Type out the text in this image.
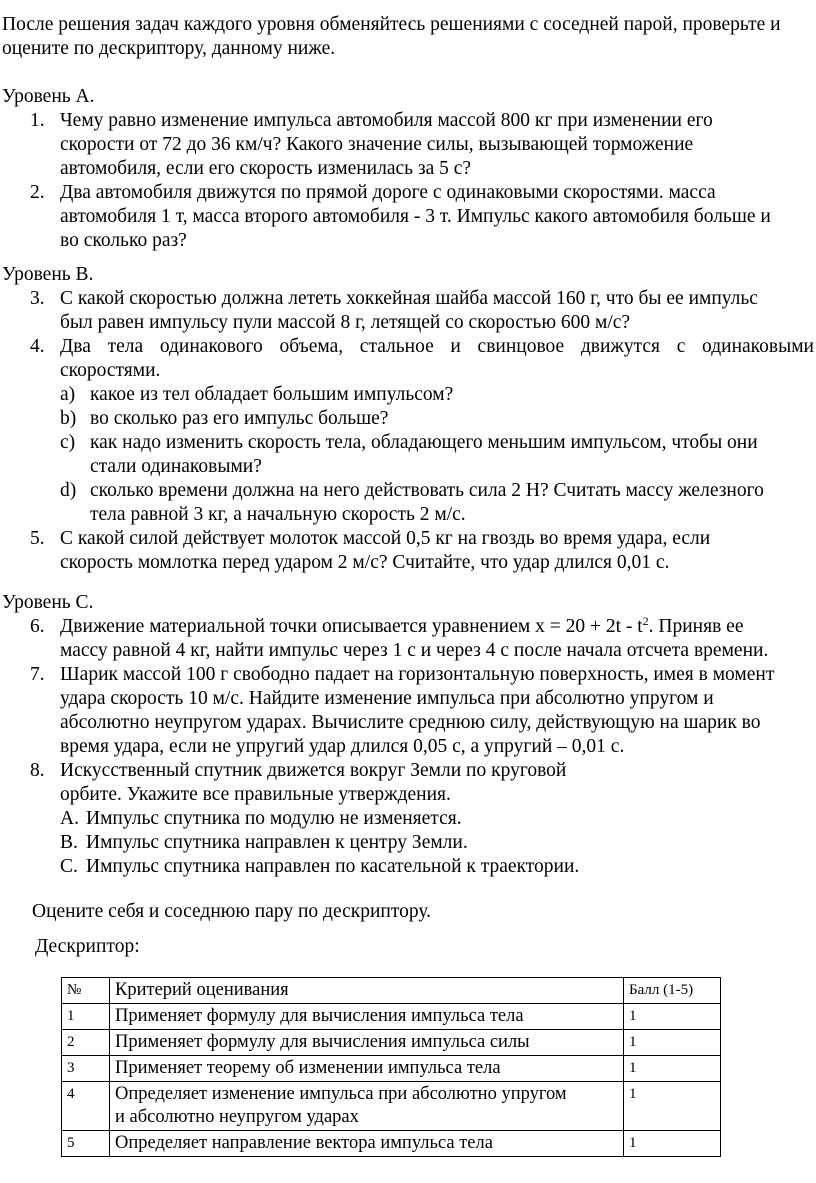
После решения задач каждого уровня обменяйтесь решениями с соседней парой, проверьте и
оцените по дескриптору, данному ниже.
Уровень А.
1. Чему равно изменение импульса автомобиля массой 800 кг при изменении его
скорости от 72 до 36 км/ч? Какого значение силы, вызывающей торможение
автомобиля, если его скорость изменилась за 5 с?
2. Два автомобиля движутся по прямой дороге с одинаковыми скоростями. масса
автомобиля 1 т, масса второго автомобиля - 3 т. Импульс какого автомобиля больше и
во сколько раз?
Уровень В.
3. С какой скоростью должна лететь хоккейная шайба массой 160 г, что бы ее импульс
был равен импульсу пули массой 8 г, летящей со скоростью 600 м/с?
4. Два тела одинакового объема, стальное и свинцовое движутся с одинаковыми
скоростями.
a) какое из тел обладает большим импульсом?
b) во сколько раз его импульс больше?
c) как надо изменить скорость тела, обладающего меньшим импульсом, чтобы они
стали одинаковыми?
d) сколько времени должна на него действовать сила 2 Н? Считать массу железного
тела равной 3 кг, а начальную скорость 2 м/с.
5. С какой силой действует молоток массой 0,5 кг на гвоздь во время удара, если
скорость момлотка перед ударом 2 м/с? Считайте, что удар длился 0,01 с.
Уровень С.
6. Движение материальной точки описывается уравнением $x = 20 + 2t - t^2$. Приняв ее
массу равной 4 кг, найти импульс через 1 с и через 4 с после начала отсчета времени.
7. Шарик массой 100 г свободно падает на горизонтальную поверхность, имея в момент
удара скорость 10 м/с. Найдите изменение импульса при абсолютно упругом и
абсолютно неупругом ударах. Вычислите среднюю силу, действующую на шарик во
время удара, если не упругий удар длился 0,05 с, а упругий – 0,01 с.
8. Искусственный спутник движется вокруг Земли по круговой
орбите. Укажите все правильные утверждения.
А. Импульс спутника по модулю не изменяется.
В. Импульс спутника направлен к центру Земли.
С. Импульс спутника направлен по касательной к траектории.
Оцените себя и соседнюю пару по дескриптору.
Дескриптор:
№	Критерий оценивания	Балл (1-5)
1	Применяет формулу для вычисления импульса тела	1
2	Применяет формулу для вычисления импульса силы	1
3	Применяет теорему об изменении импульса тела	1
4	Определяет изменение импульса при абсолютно упругом
и абсолютно неупругом ударах	1
5	Определяет направление вектора импульса тела	1
